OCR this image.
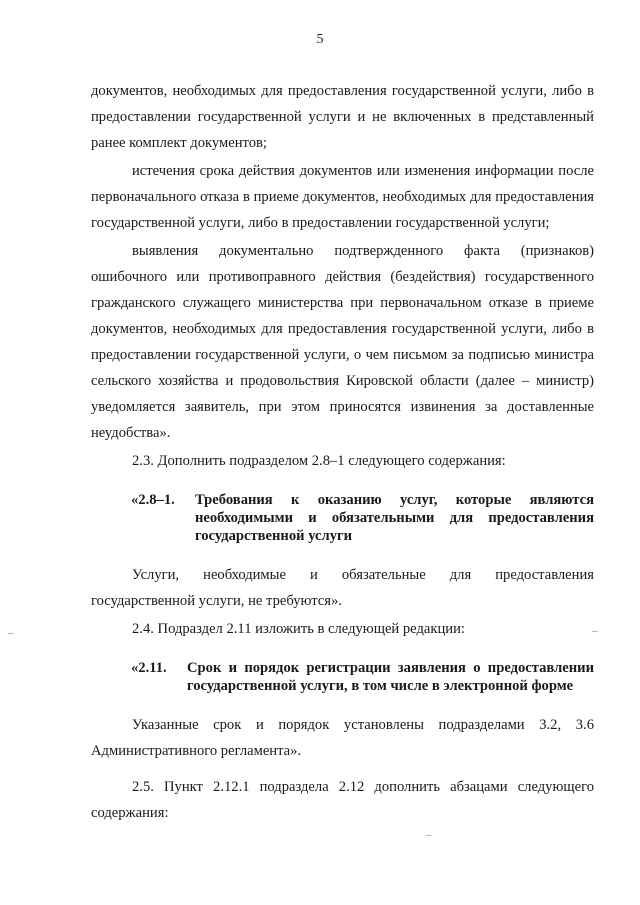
5

документов, необходимых для предоставления государственной услуги, либо в предоставлении государственной услуги и не включенных в представленный ранее комплект документов;

истечения срока действия документов или изменения информации после первоначального отказа в приеме документов, необходимых для предоставления государственной услуги, либо в предоставлении государственной услуги;

выявления документально подтвержденного факта (признаков) ошибочного или противоправного действия (бездействия) государственного гражданского служащего министерства при первоначальном отказе в приеме документов, необходимых для предоставления государственной услуги, либо в предоставлении государственной услуги, о чем письмом за подписью министра сельского хозяйства и продовольствия Кировской области (далее – министр) уведомляется заявитель, при этом приносятся извинения за доставленные неудобства».

2.3. Дополнить подразделом 2.8–1 следующего содержания:

«2.8–1.	Требования к оказанию услуг, которые являются необходимыми и обязательными для предоставления государственной услуги

Услуги, необходимые и обязательные для предоставления государственной услуги, не требуются».

2.4. Подраздел 2.11 изложить в следующей редакции:

«2.11.	Срок и порядок регистрации заявления о предоставлении государственной услуги, в том числе в электронной форме

Указанные срок и порядок установлены подразделами 3.2, 3.6 Административного регламента».

2.5. Пункт 2.12.1 подраздела 2.12 дополнить абзацами следующего содержания:

–	–
–
